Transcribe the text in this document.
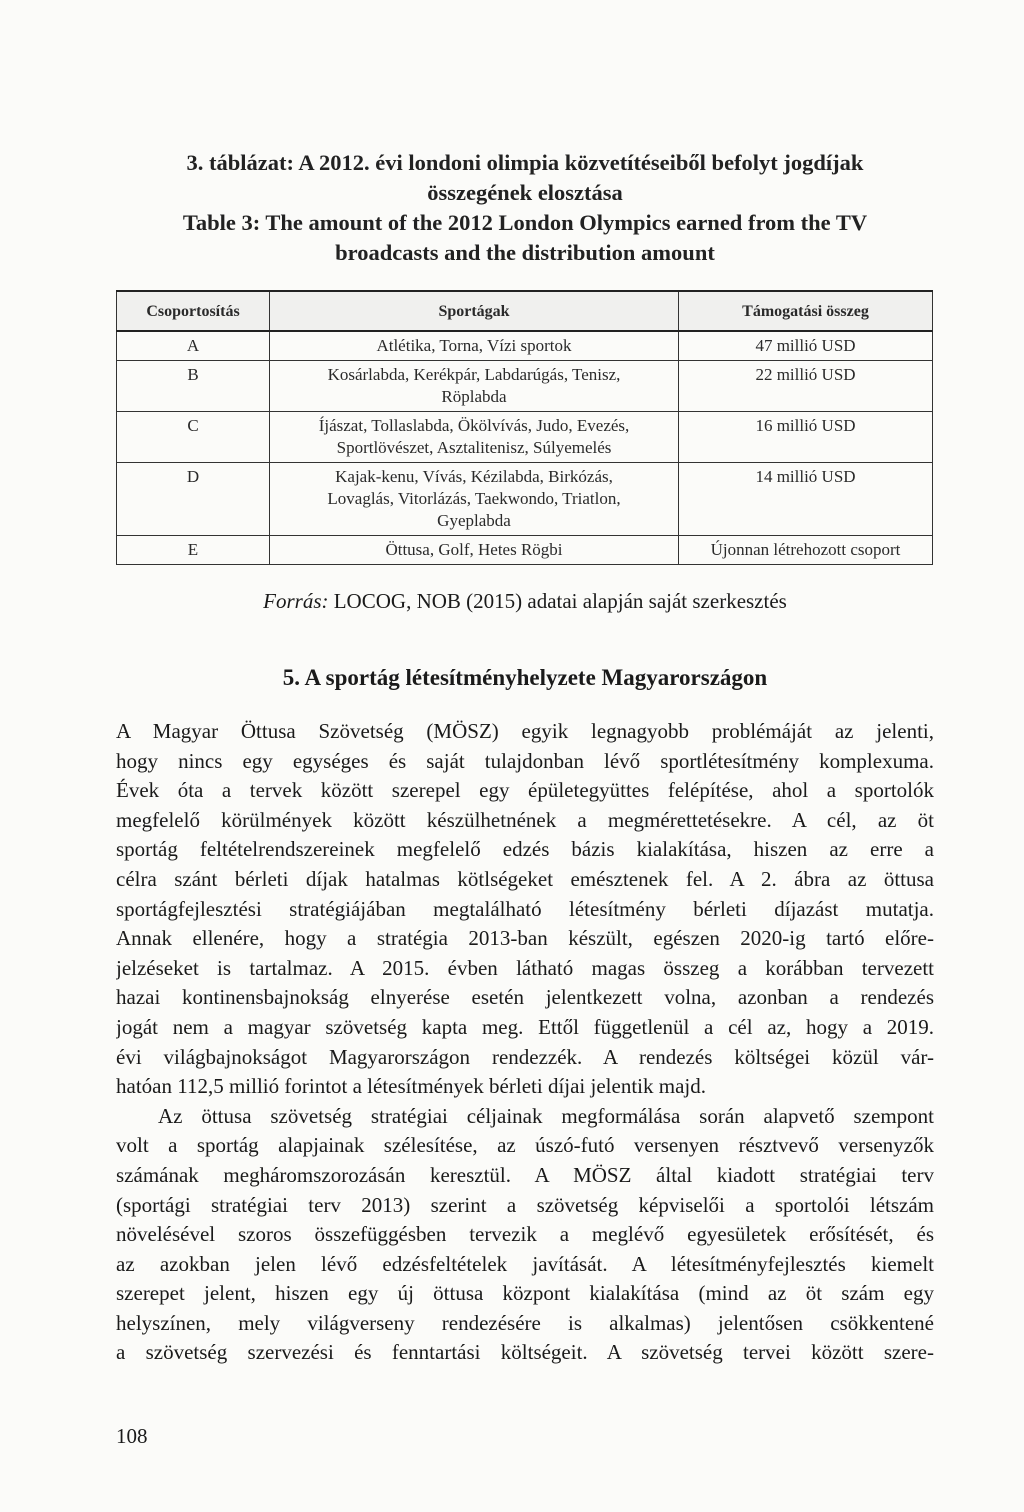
3. táblázat: A 2012. évi londoni olimpia közvetítéseiből befolyt jogdíjak
összegének elosztása
Table 3: The amount of the 2012 London Olympics earned from the TV
broadcasts and the distribution amount
Csoportosítás	Sportágak	Támogatási összeg
A	Atlétika, Torna, Vízi sportok	47 millió USD
B	Kosárlabda, Kerékpár, Labdarúgás, Tenisz,
Röplabda	22 millió USD
C	Íjászat, Tollaslabda, Ökölvívás, Judo, Evezés,
Sportlövészet, Asztalitenisz, Súlyemelés	16 millió USD
D	Kajak-kenu, Vívás, Kézilabda, Birkózás,
Lovaglás, Vitorlázás, Taekwondo, Triatlon,
Gyeplabda	14 millió USD
E	Öttusa, Golf, Hetes Rögbi	Újonnan létrehozott csoport
Forrás: LOCOG, NOB (2015) adatai alapján saját szerkesztés
5. A sportág létesítményhelyzete Magyarországon
A Magyar Öttusa Szövetség (MÖSZ) egyik legnagyobb problémáját az jelenti,
hogy nincs egy egységes és saját tulajdonban lévő sportlétesítmény komplexuma.
Évek óta a tervek között szerepel egy épületegyüttes felépítése, ahol a sportolók
megfelelő körülmények között készülhetnének a megmérettetésekre. A cél, az öt
sportág feltételrendszereinek megfelelő edzés bázis kialakítása, hiszen az erre a
célra szánt bérleti díjak hatalmas kötlségeket emésztenek fel. A 2. ábra az öttusa
sportágfejlesztési stratégiájában megtalálható létesítmény bérleti díjazást mutatja.
Annak ellenére, hogy a stratégia 2013-ban készült, egészen 2020-ig tartó előre-
jelzéseket is tartalmaz. A 2015. évben látható magas összeg a korábban tervezett
hazai kontinensbajnokság elnyerése esetén jelentkezett volna, azonban a rendezés
jogát nem a magyar szövetség kapta meg. Ettől függetlenül a cél az, hogy a 2019.
évi világbajnokságot Magyarországon rendezzék. A rendezés költségei közül vár-
hatóan 112,5 millió forintot a létesítmények bérleti díjai jelentik majd.
Az öttusa szövetség stratégiai céljainak megformálása során alapvető szempont
volt a sportág alapjainak szélesítése, az úszó-futó versenyen résztvevő versenyzők
számának megháromszorozásán keresztül. A MÖSZ által kiadott stratégiai terv
(sportági stratégiai terv 2013) szerint a szövetség képviselői a sportolói létszám
növelésével szoros összefüggésben tervezik a meglévő egyesületek erősítését, és
az azokban jelen lévő edzésfeltételek javítását. A létesítményfejlesztés kiemelt
szerepet jelent, hiszen egy új öttusa központ kialakítása (mind az öt szám egy
helyszínen, mely világverseny rendezésére is alkalmas) jelentősen csökkentené
a szövetség szervezési és fenntartási költségeit. A szövetség tervei között szere-
108
